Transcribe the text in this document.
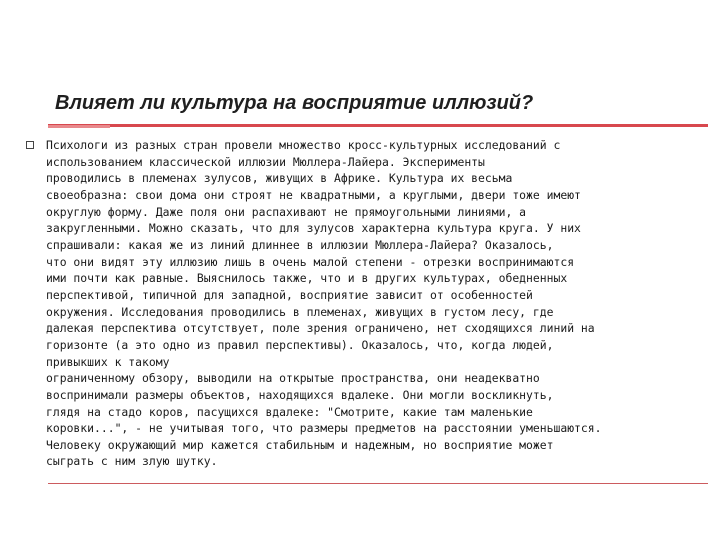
Влияет ли культура на восприятие иллюзий?
Психологи из разных стран провели множество кросс-культурных исследований с
использованием классической иллюзии Мюллера-Лайера. Эксперименты
проводились в племенах зулусов, живущих в Африке. Культура их весьма
своеобразна: свои дома они строят не квадратными, а круглыми, двери тоже имеют
округлую форму. Даже поля они распахивают не прямоугольными линиями, а
закругленными. Можно сказать, что для зулусов характерна культура круга. У них
спрашивали: какая же из линий длиннее в иллюзии Мюллера-Лайера? Оказалось,
что они видят эту иллюзию лишь в очень малой степени - отрезки воспринимаются
ими почти как равные. Выяснилось также, что и в других культурах, обедненных
перспективой, типичной для западной, восприятие зависит от особенностей
окружения. Исследования проводились в племенах, живущих в густом лесу, где
далекая перспектива отсутствует, поле зрения ограничено, нет сходящихся линий на
горизонте (а это одно из правил перспективы). Оказалось, что, когда людей,
привыкших к такому
ограниченному обзору, выводили на открытые пространства, они неадекватно
воспринимали размеры объектов, находящихся вдалеке. Они могли воскликнуть,
глядя на стадо коров, пасущихся вдалеке: "Смотрите, какие там маленькие
коровки...", - не учитывая того, что размеры предметов на расстоянии уменьшаются.
Человеку окружающий мир кажется стабильным и надежным, но восприятие может
сыграть с ним злую шутку.
